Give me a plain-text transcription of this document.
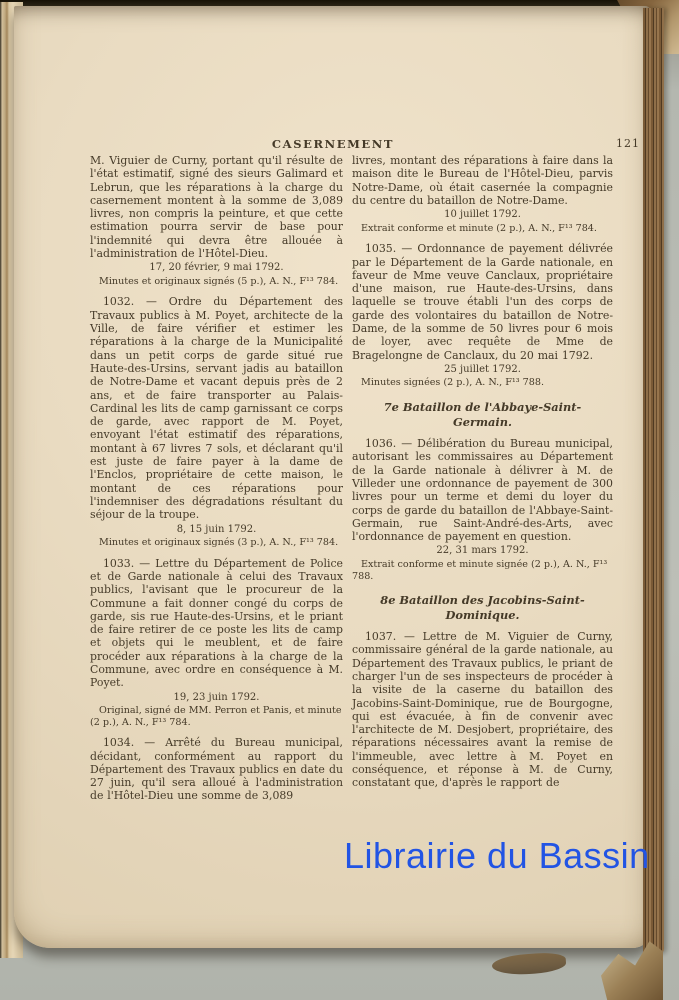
CASERNEMENT	121

M. Viguier de Curny, portant qu'il résulte de l'état estimatif, signé des sieurs Galimard et Lebrun, que les réparations à la charge du casernement montent à la somme de 3,089 livres, non compris la peinture, et que cette estimation pourra servir de base pour l'indemnité qui devra être allouée à l'administration de l'Hôtel-Dieu.

17, 20 février, 9 mai 1792.

Minutes et originaux signés (5 p.), A. N., F¹³ 784.

1032. — Ordre du Département des Travaux publics à M. Poyet, architecte de la Ville, de faire vérifier et estimer les réparations à la charge de la Municipalité dans un petit corps de garde situé rue Haute-des-Ursins, servant jadis au bataillon de Notre-Dame et vacant depuis près de 2 ans, et de faire transporter au Palais-Cardinal les lits de camp garnissant ce corps de garde, avec rapport de M. Poyet, envoyant l'état estimatif des réparations, montant à 67 livres 7 sols, et déclarant qu'il est juste de faire payer à la dame de l'Enclos, propriétaire de cette maison, le montant de ces réparations pour l'indemniser des dégradations résultant du séjour de la troupe.

8, 15 juin 1792.

Minutes et originaux signés (3 p.), A. N., F¹³ 784.

1033. — Lettre du Département de Police et de Garde nationale à celui des Travaux publics, l'avisant que le procureur de la Commune a fait donner congé du corps de garde, sis rue Haute-des-Ursins, et le priant de faire retirer de ce poste les lits de camp et objets qui le meublent, et de faire procéder aux réparations à la charge de la Commune, avec ordre en conséquence à M. Poyet.

19, 23 juin 1792.

Original, signé de MM. Perron et Panis, et minute (2 p.), A. N., F¹³ 784.

1034. — Arrêté du Bureau municipal, décidant, conformément au rapport du Département des Travaux publics en date du 27 juin, qu'il sera alloué à l'administration de l'Hôtel-Dieu une somme de 3,089

livres, montant des réparations à faire dans la maison dite le Bureau de l'Hôtel-Dieu, parvis Notre-Dame, où était casernée la compagnie du centre du bataillon de Notre-Dame.

10 juillet 1792.

Extrait conforme et minute (2 p.), A. N., F¹³ 784.

1035. — Ordonnance de payement délivrée par le Département de la Garde nationale, en faveur de Mme veuve Canclaux, propriétaire d'une maison, rue Haute-des-Ursins, dans laquelle se trouve établi l'un des corps de garde des volontaires du bataillon de Notre-Dame, de la somme de 50 livres pour 6 mois de loyer, avec requête de Mme de Bragelongne de Canclaux, du 20 mai 1792.

25 juillet 1792.

Minutes signées (2 p.), A. N., F¹³ 788.

7e Bataillon de l'Abbaye-Saint-Germain.

1036. — Délibération du Bureau municipal, autorisant les commissaires au Département de la Garde nationale à délivrer à M. de Villeder une ordonnance de payement de 300 livres pour un terme et demi du loyer du corps de garde du bataillon de l'Abbaye-Saint-Germain, rue Saint-André-des-Arts, avec l'ordonnance de payement en question.

22, 31 mars 1792.

Extrait conforme et minute signée (2 p.), A. N., F¹³ 788.

8e Bataillon des Jacobins-Saint-Dominique.

1037. — Lettre de M. Viguier de Curny, commissaire général de la garde nationale, au Département des Travaux publics, le priant de charger l'un de ses inspecteurs de procéder à la visite de la caserne du bataillon des Jacobins-Saint-Dominique, rue de Bourgogne, qui est évacuée, à fin de convenir avec l'architecte de M. Desjobert, propriétaire, des réparations nécessaires avant la remise de l'immeuble, avec lettre à M. Poyet en conséquence, et réponse à M. de Curny, constatant que, d'après le rapport de

Librairie du Bassin
